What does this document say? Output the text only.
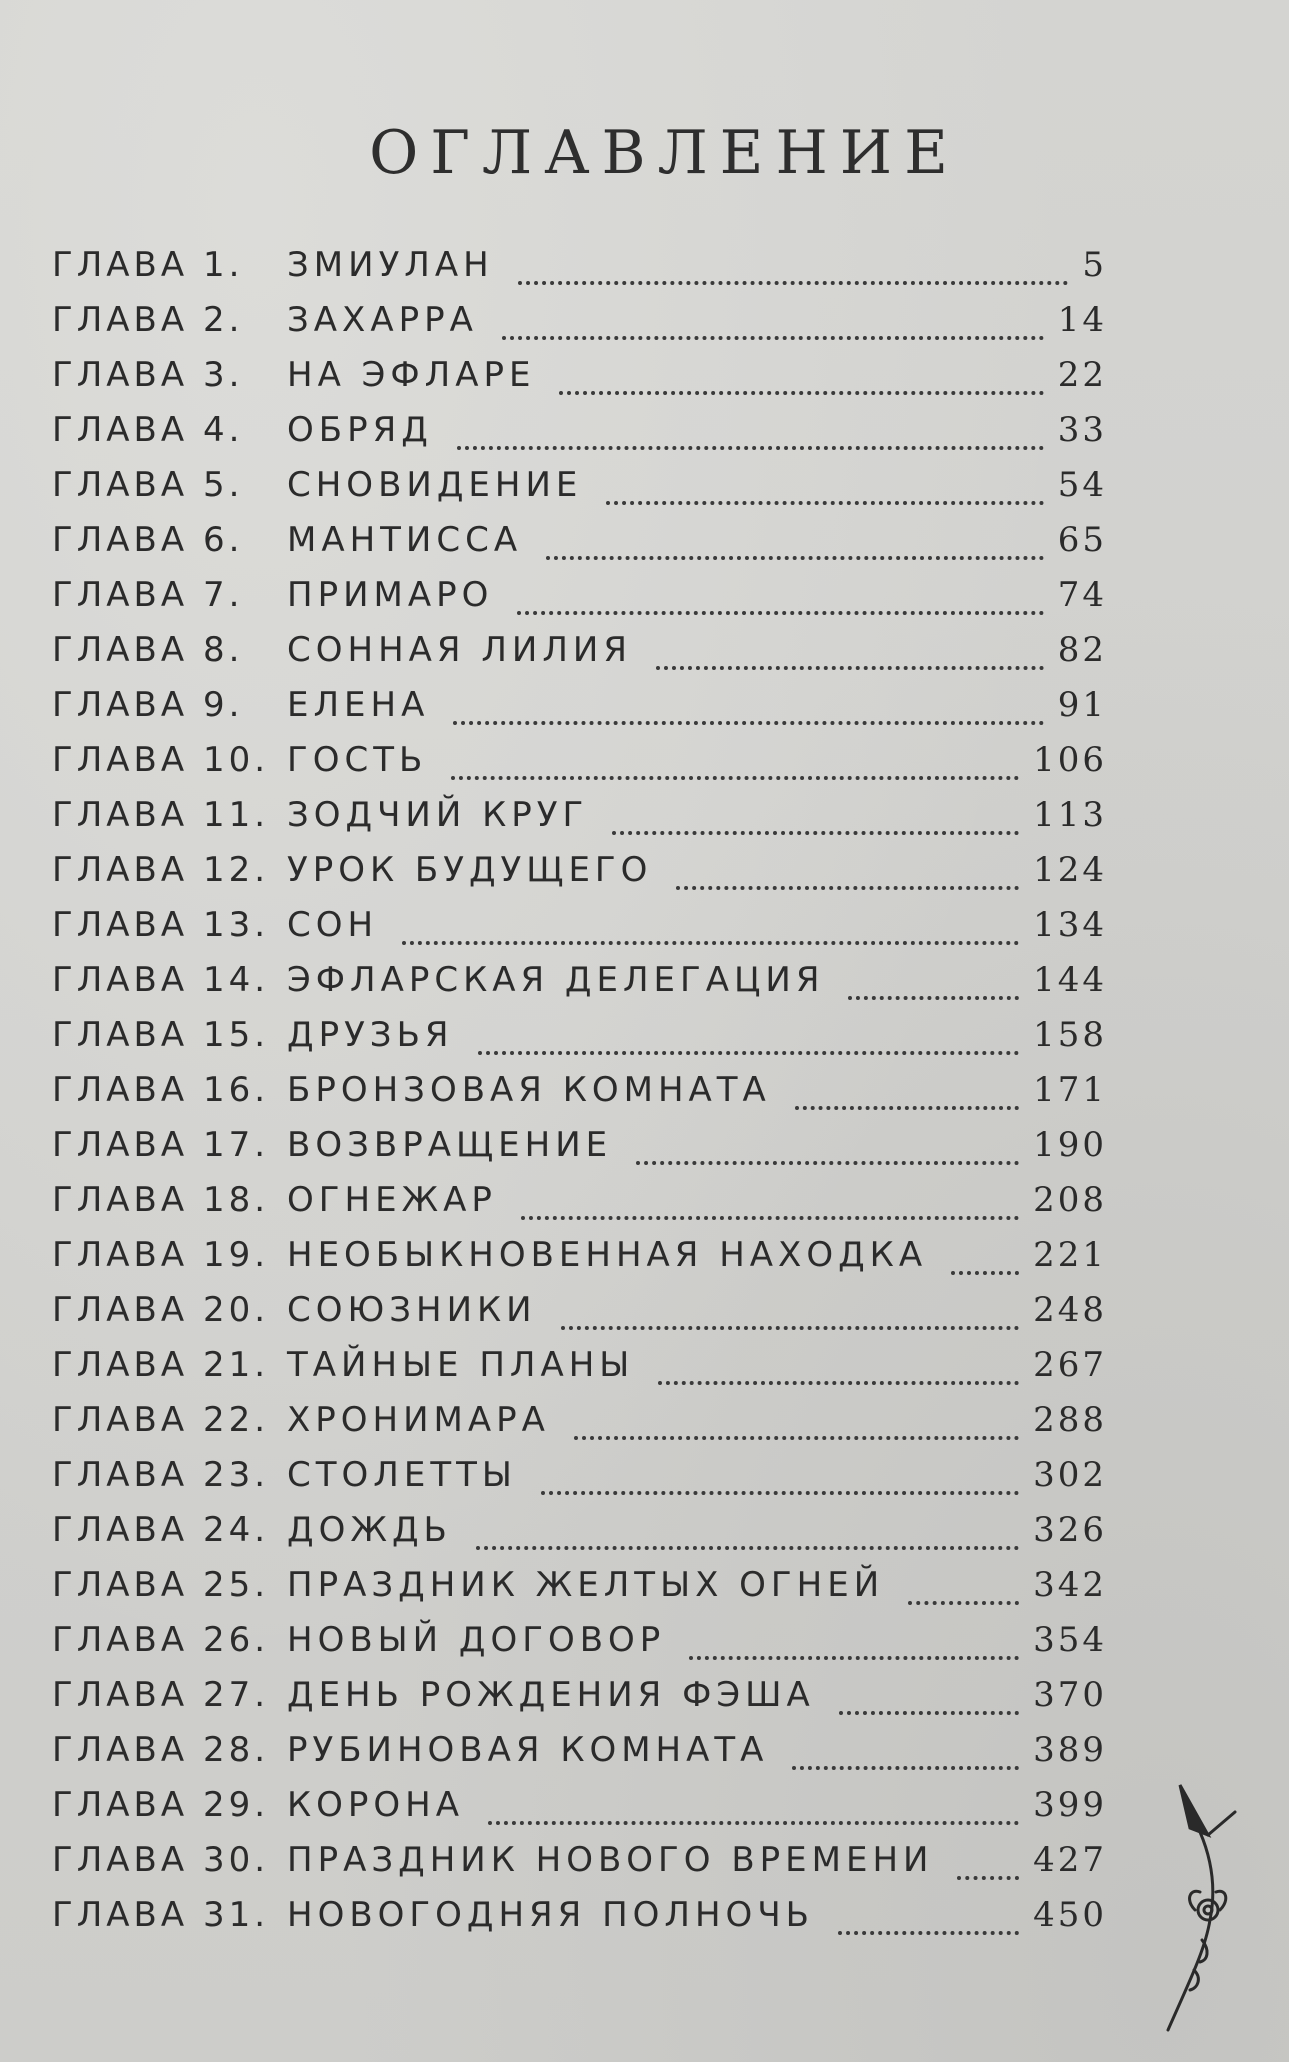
ОГЛАВЛЕНИЕ
ГЛАВА 1.	ЗМИУЛАН	5
ГЛАВА 2.	ЗАХАРРА	14
ГЛАВА 3.	НА ЭФЛАРЕ	22
ГЛАВА 4.	ОБРЯД	33
ГЛАВА 5.	СНОВИДЕНИЕ	54
ГЛАВА 6.	МАНТИССА	65
ГЛАВА 7.	ПРИМАРО	74
ГЛАВА 8.	СОННАЯ ЛИЛИЯ	82
ГЛАВА 9.	ЕЛЕНА	91
ГЛАВА 10. ГОСТЬ	106
ГЛАВА 11. ЗОДЧИЙ КРУГ	113
ГЛАВА 12. УРОК БУДУЩЕГО	124
ГЛАВА 13. СОН	134
ГЛАВА 14. ЭФЛАРСКАЯ ДЕЛЕГАЦИЯ	144
ГЛАВА 15. ДРУЗЬЯ	158
ГЛАВА 16. БРОНЗОВАЯ КОМНАТА	171
ГЛАВА 17. ВОЗВРАЩЕНИЕ	190
ГЛАВА 18. ОГНЕЖАР	208
ГЛАВА 19. НЕОБЫКНОВЕННАЯ НАХОДКА	221
ГЛАВА 20. СОЮЗНИКИ	248
ГЛАВА 21. ТАЙНЫЕ ПЛАНЫ	267
ГЛАВА 22. ХРОНИМАРА	288
ГЛАВА 23. СТОЛЕТТЫ	302
ГЛАВА 24. ДОЖДЬ	326
ГЛАВА 25. ПРАЗДНИК ЖЕЛТЫХ ОГНЕЙ	342
ГЛАВА 26. НОВЫЙ ДОГОВОР	354
ГЛАВА 27. ДЕНЬ РОЖДЕНИЯ ФЭША	370
ГЛАВА 28. РУБИНОВАЯ КОМНАТА	389
ГЛАВА 29. КОРОНА	399
ГЛАВА 30. ПРАЗДНИК НОВОГО ВРЕМЕНИ	427
ГЛАВА 31. НОВОГОДНЯЯ ПОЛНОЧЬ	450
